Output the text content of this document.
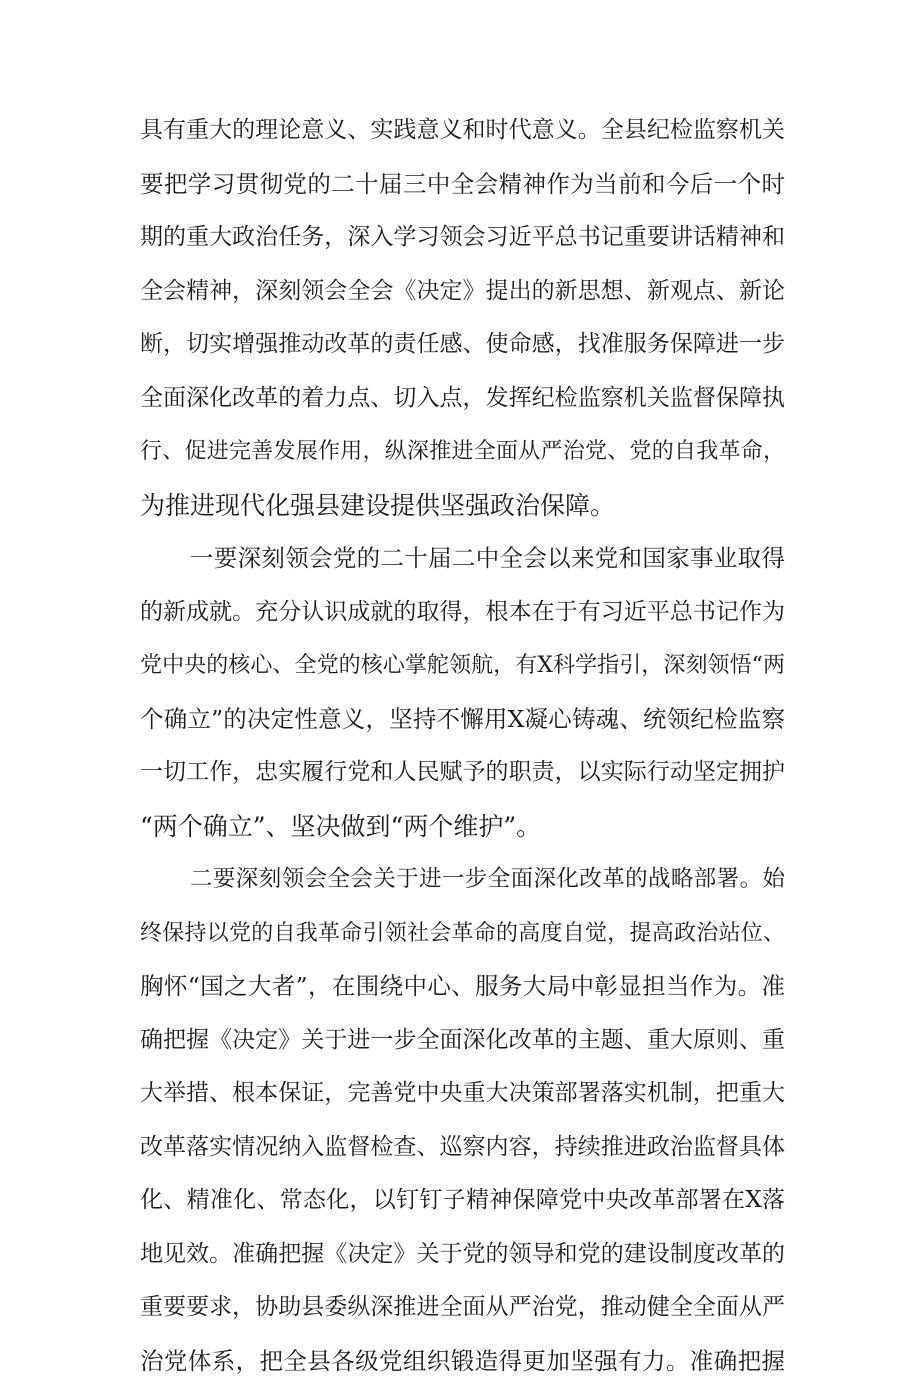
具有重大的理论意义、实践意义和时代意义。全县纪检监察机关
要把学习贯彻党的二十届三中全会精神作为当前和今后一个时
期的重大政治任务，深入学习领会习近平总书记重要讲话精神和
全会精神，深刻领会全会《决定》提出的新思想、新观点、新论
断，切实增强推动改革的责任感、使命感，找准服务保障进一步
全面深化改革的着力点、切入点，发挥纪检监察机关监督保障执
行、促进完善发展作用，纵深推进全面从严治党、党的自我革命，
为推进现代化强县建设提供坚强政治保障。
一要深刻领会党的二十届二中全会以来党和国家事业取得
的新成就。充分认识成就的取得，根本在于有习近平总书记作为
党中央的核心、全党的核心掌舵领航，有X科学指引，深刻领悟“两
个确立”的决定性意义，坚持不懈用X凝心铸魂、统领纪检监察
一切工作，忠实履行党和人民赋予的职责，以实际行动坚定拥护
“两个确立”、坚决做到“两个维护”。
二要深刻领会全会关于进一步全面深化改革的战略部署。始
终保持以党的自我革命引领社会革命的高度自觉，提高政治站位、
胸怀“国之大者”，在围绕中心、服务大局中彰显担当作为。准
确把握《决定》关于进一步全面深化改革的主题、重大原则、重
大举措、根本保证，完善党中央重大决策部署落实机制，把重大
改革落实情况纳入监督检查、巡察内容，持续推进政治监督具体
化、精准化、常态化，以钉钉子精神保障党中央改革部署在X落
地见效。准确把握《决定》关于党的领导和党的建设制度改革的
重要要求，协助县委纵深推进全面从严治党，推动健全全面从严
治党体系，把全县各级党组织锻造得更加坚强有力。准确把握
